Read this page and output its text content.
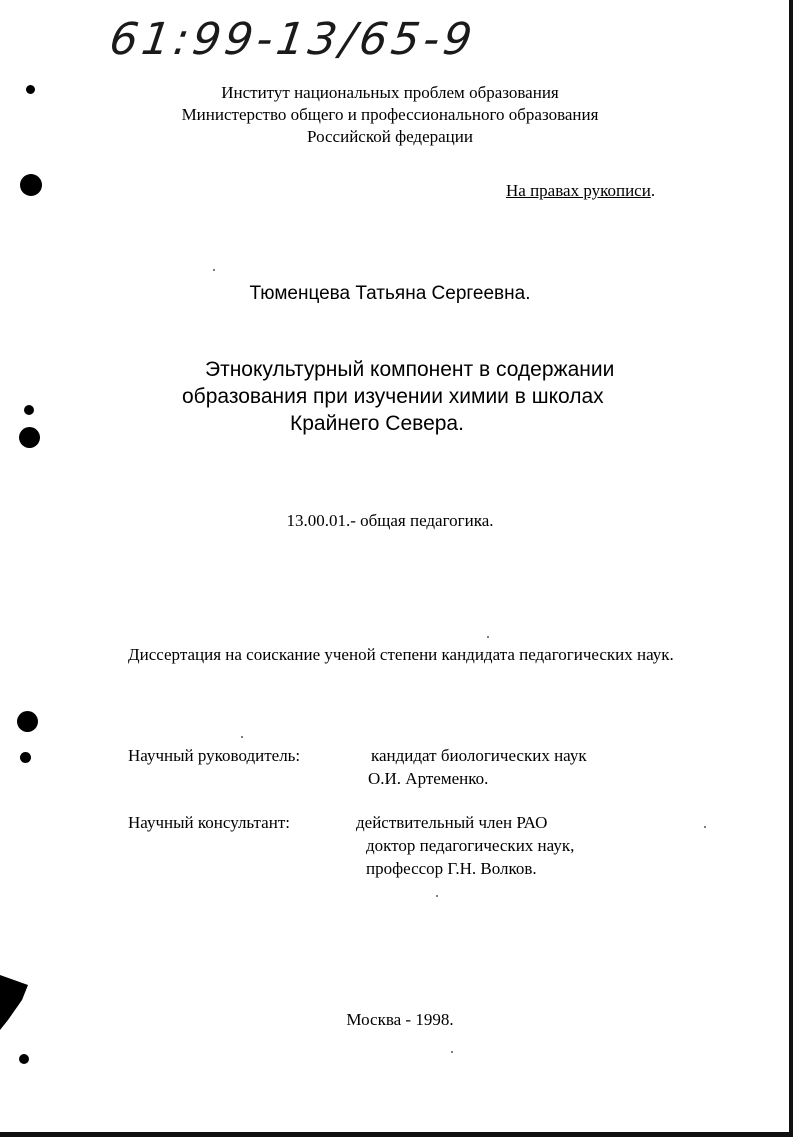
61:99-13/65-9
Институт национальных проблем образования
Министерство общего и профессионального образования
Российской федерации
На правах рукописи.
Тюменцева Татьяна Сергеевна.
Этнокультурный компонент в содержании
образования при изучении химии в школах
Крайнего Севера.
13.00.01.- общая педагогика.
Диссертация на соискание ученой степени кандидата педагогических наук.
Научный руководитель:	кандидат биологических наук
О.И. Артеменко.
Научный консультант:	действительный член РАО
доктор педагогических наук,
профессор Г.Н. Волков.
Москва - 1998.
